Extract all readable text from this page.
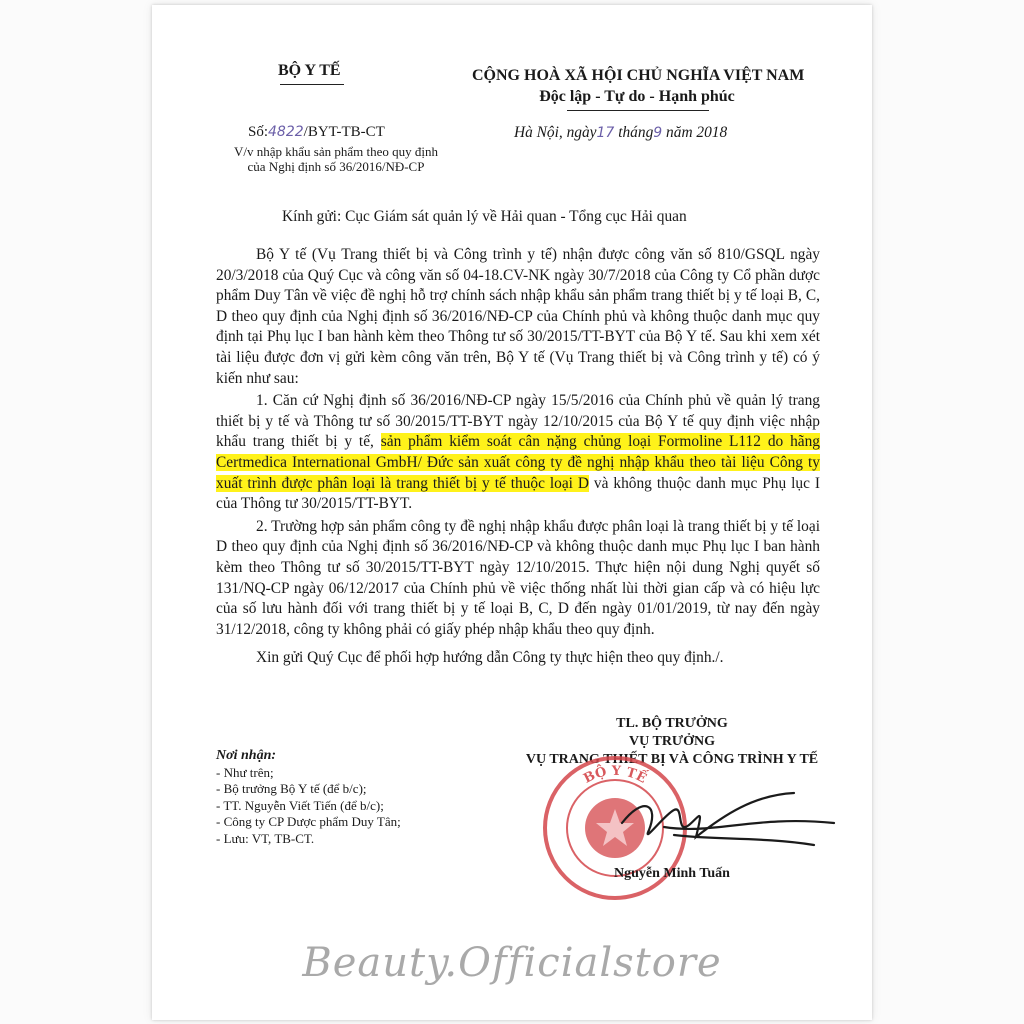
BỘ Y TẾ
Số:4822/BYT-TB-CT
V/v nhập khẩu sản phẩm theo quy định
của Nghị định số 36/2016/NĐ-CP
CỘNG HOÀ XÃ HỘI CHỦ NGHĨA VIỆT NAM
Độc lập - Tự do - Hạnh phúc
Hà Nội, ngày17 tháng9 năm 2018
Kính gửi: Cục Giám sát quản lý về Hải quan - Tổng cục Hải quan

Bộ Y tế (Vụ Trang thiết bị và Công trình y tế) nhận được công văn số 810/GSQL ngày 20/3/2018 của Quý Cục và công văn số 04-18.CV-NK ngày 30/7/2018 của Công ty Cổ phần dược phẩm Duy Tân về việc đề nghị hỗ trợ chính sách nhập khẩu sản phẩm trang thiết bị y tế loại B, C, D theo quy định của Nghị định số 36/2016/NĐ-CP của Chính phủ và không thuộc danh mục quy định tại Phụ lục I ban hành kèm theo Thông tư số 30/2015/TT-BYT của Bộ Y tế. Sau khi xem xét tài liệu được đơn vị gửi kèm công văn trên, Bộ Y tế (Vụ Trang thiết bị và Công trình y tế) có ý kiến như sau:

1. Căn cứ Nghị định số 36/2016/NĐ-CP ngày 15/5/2016 của Chính phủ về quản lý trang thiết bị y tế và Thông tư số 30/2015/TT-BYT ngày 12/10/2015 của Bộ Y tế quy định việc nhập khẩu trang thiết bị y tế, sản phẩm kiểm soát cân nặng chủng loại Formoline L112 do hãng Certmedica International GmbH/ Đức sản xuất công ty đề nghị nhập khẩu theo tài liệu Công ty xuất trình được phân loại là trang thiết bị y tế thuộc loại D và không thuộc danh mục Phụ lục I của Thông tư 30/2015/TT-BYT.

2. Trường hợp sản phẩm công ty đề nghị nhập khẩu được phân loại là trang thiết bị y tế loại D theo quy định của Nghị định số 36/2016/NĐ-CP và không thuộc danh mục Phụ lục I ban hành kèm theo Thông tư số 30/2015/TT-BYT ngày 12/10/2015. Thực hiện nội dung Nghị quyết số 131/NQ-CP ngày 06/12/2017 của Chính phủ về việc thống nhất lùi thời gian cấp và có hiệu lực của số lưu hành đối với trang thiết bị y tế loại B, C, D đến ngày 01/01/2019, từ nay đến ngày 31/12/2018, công ty không phải có giấy phép nhập khẩu theo quy định.

Xin gửi Quý Cục để phối hợp hướng dẫn Công ty thực hiện theo quy định./.

TL. BỘ TRƯỞNG
VỤ TRƯỞNG
VỤ TRANG THIẾT BỊ VÀ CÔNG TRÌNH Y TẾ
BỘ Y TẾ
Nguyễn Minh Tuấn
Nơi nhận:
- Như trên;
- Bộ trưởng Bộ Y tế (để b/c);
- TT. Nguyễn Viết Tiến (để b/c);
- Công ty CP Dược phẩm Duy Tân;
- Lưu: VT, TB-CT.
Beauty.Officialstore
